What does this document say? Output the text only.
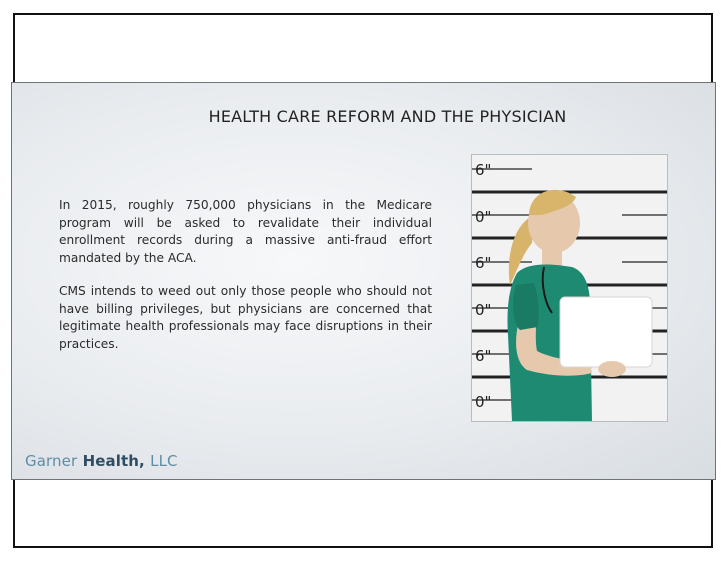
HEALTH CARE REFORM AND THE PHYSICIAN

In 2015, roughly 750,000 physicians in the Medicare program will be asked to revalidate their individual enrollment records during a massive anti-fraud effort mandated by the ACA.

CMS intends to weed out only those people who should not have billing privileges, but physicians are concerned that legitimate health professionals may face disruptions in their practices.

6"
0"
6"
0"
6"
0"
Garner Health, LLC
